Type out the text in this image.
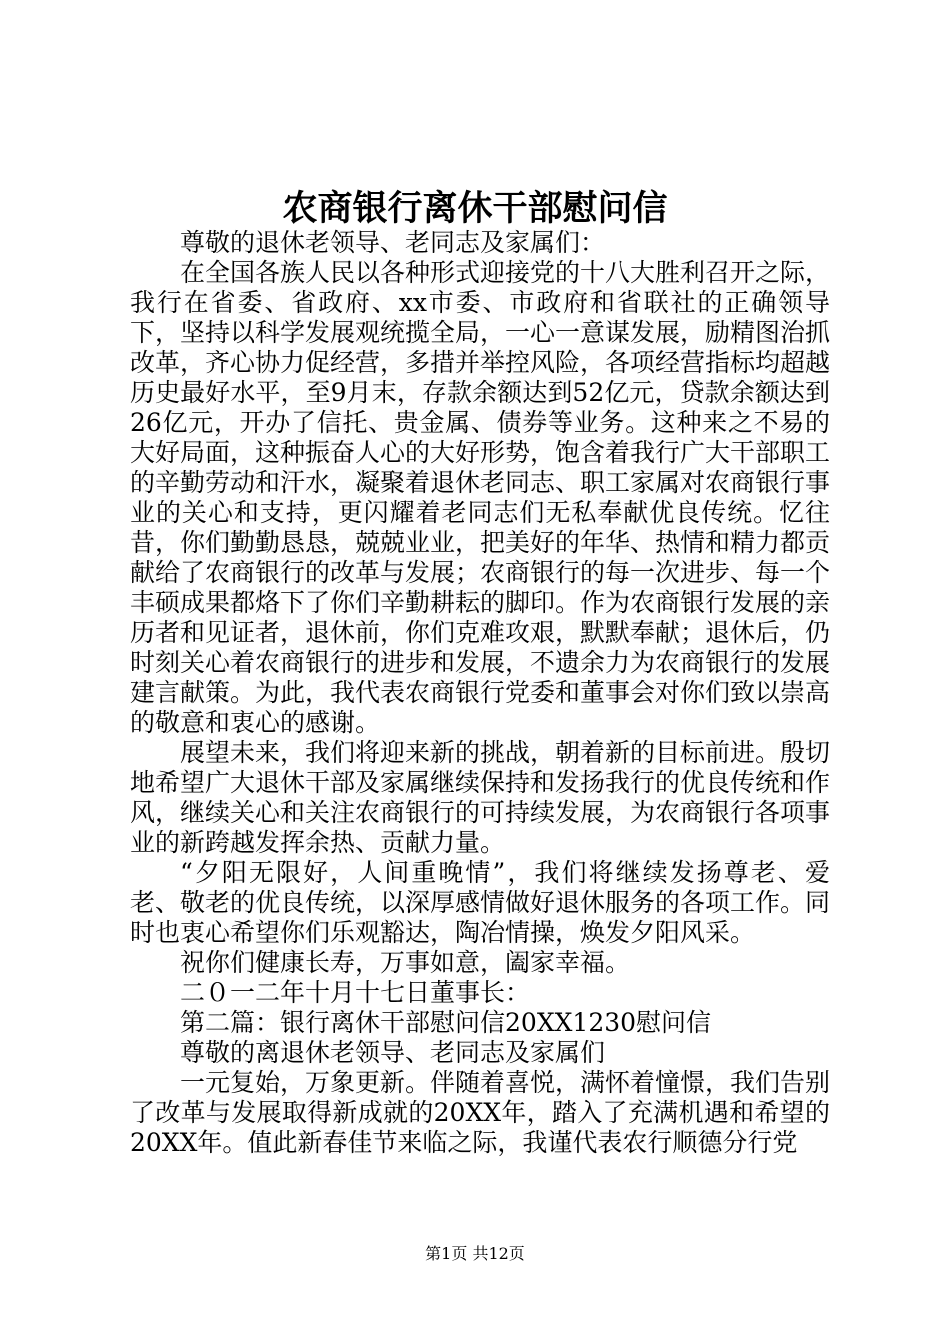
农商银行离休干部慰问信

尊敬的退休老领导、老同志及家属们：

在全国各族人民以各种形式迎接党的十八大胜利召开之际，我行在省委、省政府、xx市委、市政府和省联社的正确领导下，坚持以科学发展观统揽全局，一心一意谋发展，励精图治抓改革，齐心协力促经营，多措并举控风险，各项经营指标均超越历史最好水平，至9月末，存款余额达到52亿元，贷款余额达到26亿元，开办了信托、贵金属、债券等业务。这种来之不易的大好局面，这种振奋人心的大好形势，饱含着我行广大干部职工的辛勤劳动和汗水，凝聚着退休老同志、职工家属对农商银行事业的关心和支持，更闪耀着老同志们无私奉献优良传统。忆往昔，你们勤勤恳恳，兢兢业业，把美好的年华、热情和精力都贡献给了农商银行的改革与发展；农商银行的每一次进步、每一个丰硕成果都烙下了你们辛勤耕耘的脚印。作为农商银行发展的亲历者和见证者，退休前，你们克难攻艰，默默奉献；退休后，仍时刻关心着农商银行的进步和发展，不遗余力为农商银行的发展建言献策。为此，我代表农商银行党委和董事会对你们致以崇高的敬意和衷心的感谢。

展望未来，我们将迎来新的挑战，朝着新的目标前进。殷切地希望广大退休干部及家属继续保持和发扬我行的优良传统和作风，继续关心和关注农商银行的可持续发展，为农商银行各项事业的新跨越发挥余热、贡献力量。

“夕阳无限好，人间重晚情”，我们将继续发扬尊老、爱老、敬老的优良传统，以深厚感情做好退休服务的各项工作。同时也衷心希望你们乐观豁达，陶冶情操，焕发夕阳风采。

祝你们健康长寿，万事如意，阖家幸福。

二０一二年十月十七日董事长：

第二篇：银行离休干部慰问信20XX1230慰问信

尊敬的离退休老领导、老同志及家属们

一元复始，万象更新。伴随着喜悦，满怀着憧憬，我们告别了改革与发展取得新成就的20XX年，踏入了充满机遇和希望的20XX年。值此新春佳节来临之际，我谨代表农行顺德分行党

第1页 共12页
